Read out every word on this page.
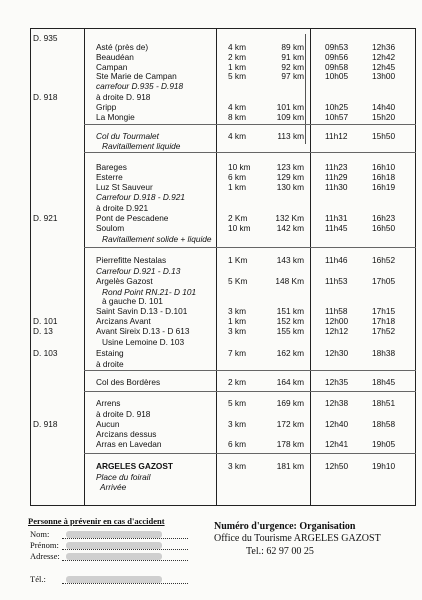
D. 935
Asté (près de)	4 km	89 km	09h53	12h36
Beaudéan	2 km	91 km	09h56	12h42
Campan	1 km	92 km	09h58	12h45
Ste Marie de Campan	5 km	97 km	10h05	13h00
carrefour D.935 - D.918
D. 918	à droite D. 918
Gripp	4 km	101 km	10h25	14h40
La Mongie	8 km	109 km	10h57	15h20
Col du Tourmalet	4 km	113 km	11h12	15h50
Ravitaillement liquide
Bareges	10 km	123 km	11h23	16h10
Esterre	6 km	129 km	11h29	16h18
Luz St Sauveur	1 km	130 km	11h30	16h19
Carrefour D.918 - D.921
à droite D.921
D. 921	Pont de Pescadene	2 Km	132 Km	11h31	16h23
Soulom	10 km	142 km	11h45	16h50
Ravitaillement solide + liquide
Pierrefitte Nestalas	1 Km	143 km	11h46	16h52
Carrefour D.921 - D.13
Argelès Gazost	5 Km	148 Km	11h53	17h05
Rond Point RN.21- D 101
à gauche D. 101
Saint Savin D.13 - D.101	3 km	151 km	11h58	17h15
D. 101	Arcizans Avant	1 km	152 km	12h00	17h18
D. 13	Avant Sireix D.13 - D 613	3 km	155 km	12h12	17h52
Usine Lemoine D. 103
D. 103	Estaing	7 km	162 km	12h30	18h38
à droite
Col des Bordères	2 km	164 km	12h35	18h45
Arrens	5 km	169 km	12h38	18h51
à droite D. 918
D. 918	Aucun	3 km	172 km	12h40	18h58
Arcizans dessus
Arras en Lavedan	6 km	178 km	12h41	19h05
ARGELES GAZOST	3 km	181 km	12h50	19h10
Place du foirail
Arrivée
Personne à prévenir en cas d'accident
Nom:
Prénom:
Adresse:
Tél.:
Numéro d'urgence: Organisation
Office du Tourisme ARGELES GAZOST
Tel.: 62 97 00 25
